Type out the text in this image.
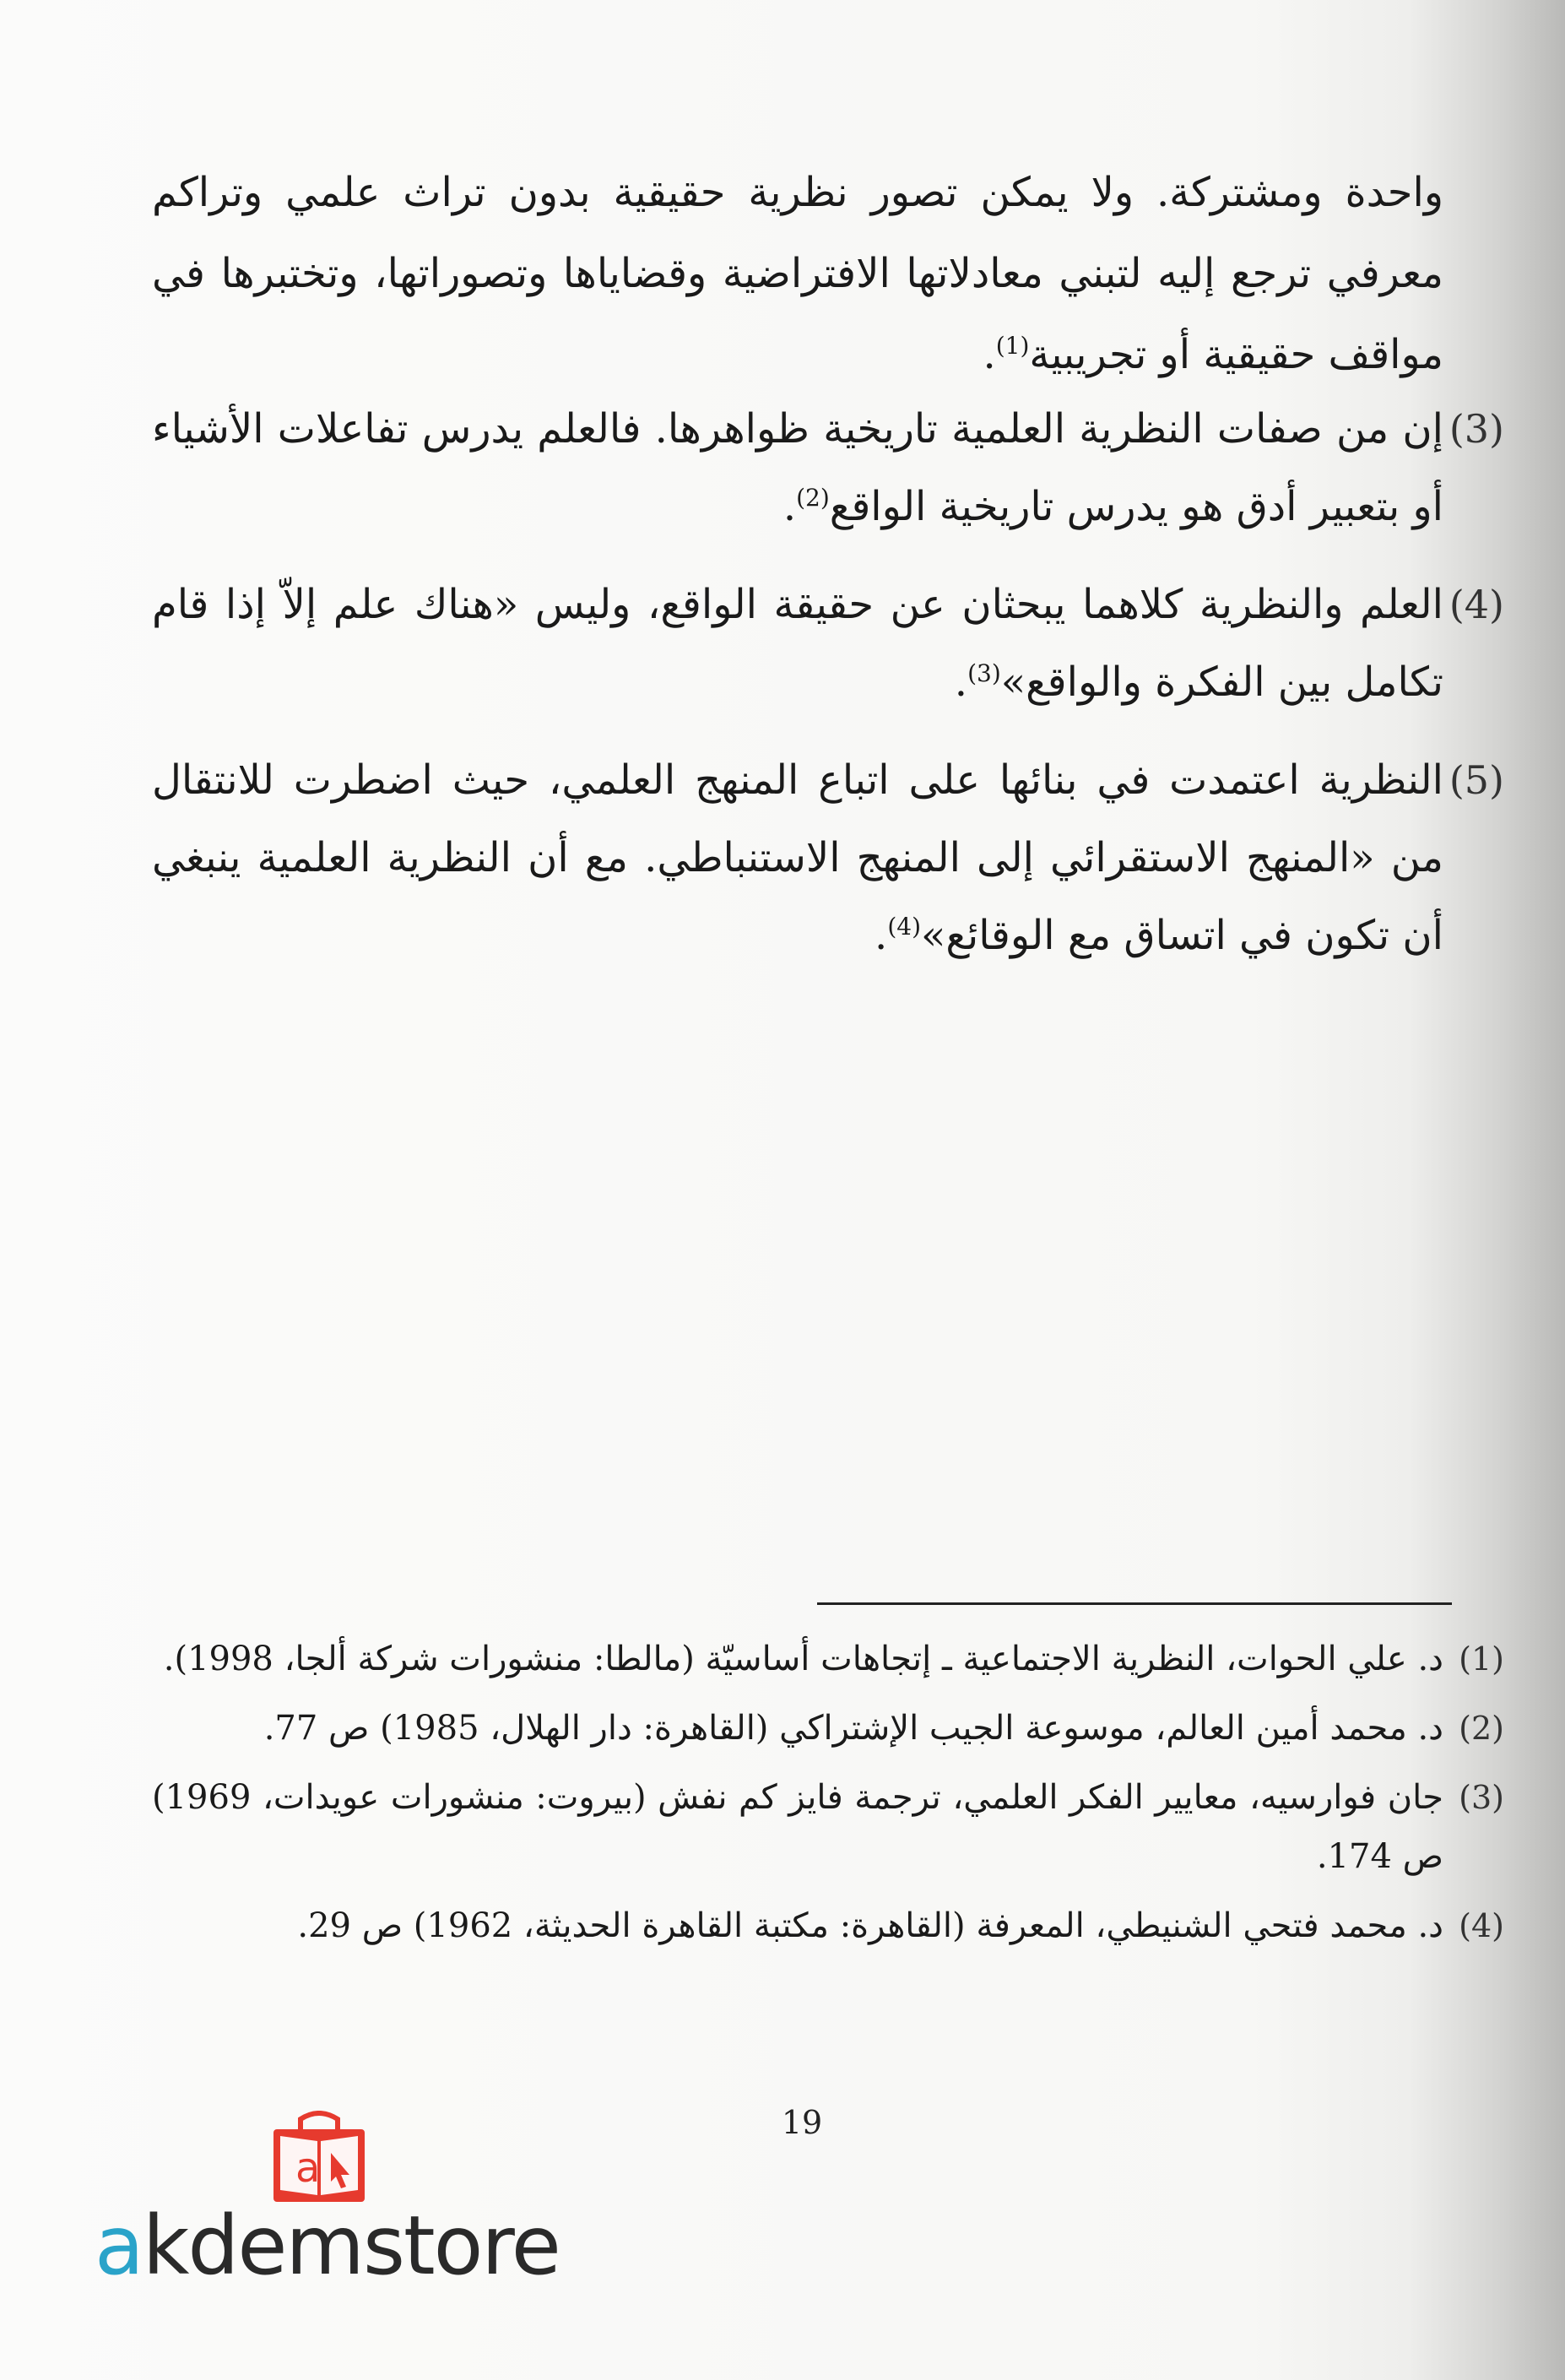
واحدة ومشتركة. ولا يمكن تصور نظرية حقيقية بدون تراث علمي وتراكم معرفي ترجع إليه لتبني معادلاتها الافتراضية وقضاياها وتصوراتها، وتختبرها في مواقف حقيقية أو تجريبية$^{(1)}$.
(3)
إن من صفات النظرية العلمية تاريخية ظواهرها. فالعلم يدرس تفاعلات الأشياء أو بتعبير أدق هو يدرس تاريخية الواقع$^{(2)}$.
(4)
العلم والنظرية كلاهما يبحثان عن حقيقة الواقع، وليس «هناك علم إلاّ إذا قام تكامل بين الفكرة والواقع»$^{(3)}$.
(5)
النظرية اعتمدت في بنائها على اتباع المنهج العلمي، حيث اضطرت للانتقال من «المنهج الاستقرائي إلى المنهج الاستنباطي. مع أن النظرية العلمية ينبغي أن تكون في اتساق مع الوقائع»$^{(4)}$.

(1)
د. علي الحوات، النظرية الاجتماعية ـ إتجاهات أساسيّة (مالطا: منشورات شركة ألجا، 1998).

(2)
د. محمد أمين العالم، موسوعة الجيب الإشتراكي (القاهرة: دار الهلال، 1985) ص 77.

(3)
جان فوارسيه، معايير الفكر العلمي، ترجمة فايز كم نفش (بيروت: منشورات عويدات، 1969) ص 174.

(4)
د. محمد فتحي الشنيطي، المعرفة (القاهرة: مكتبة القاهرة الحديثة، 1962) ص 29.

19
a
akdemstore
